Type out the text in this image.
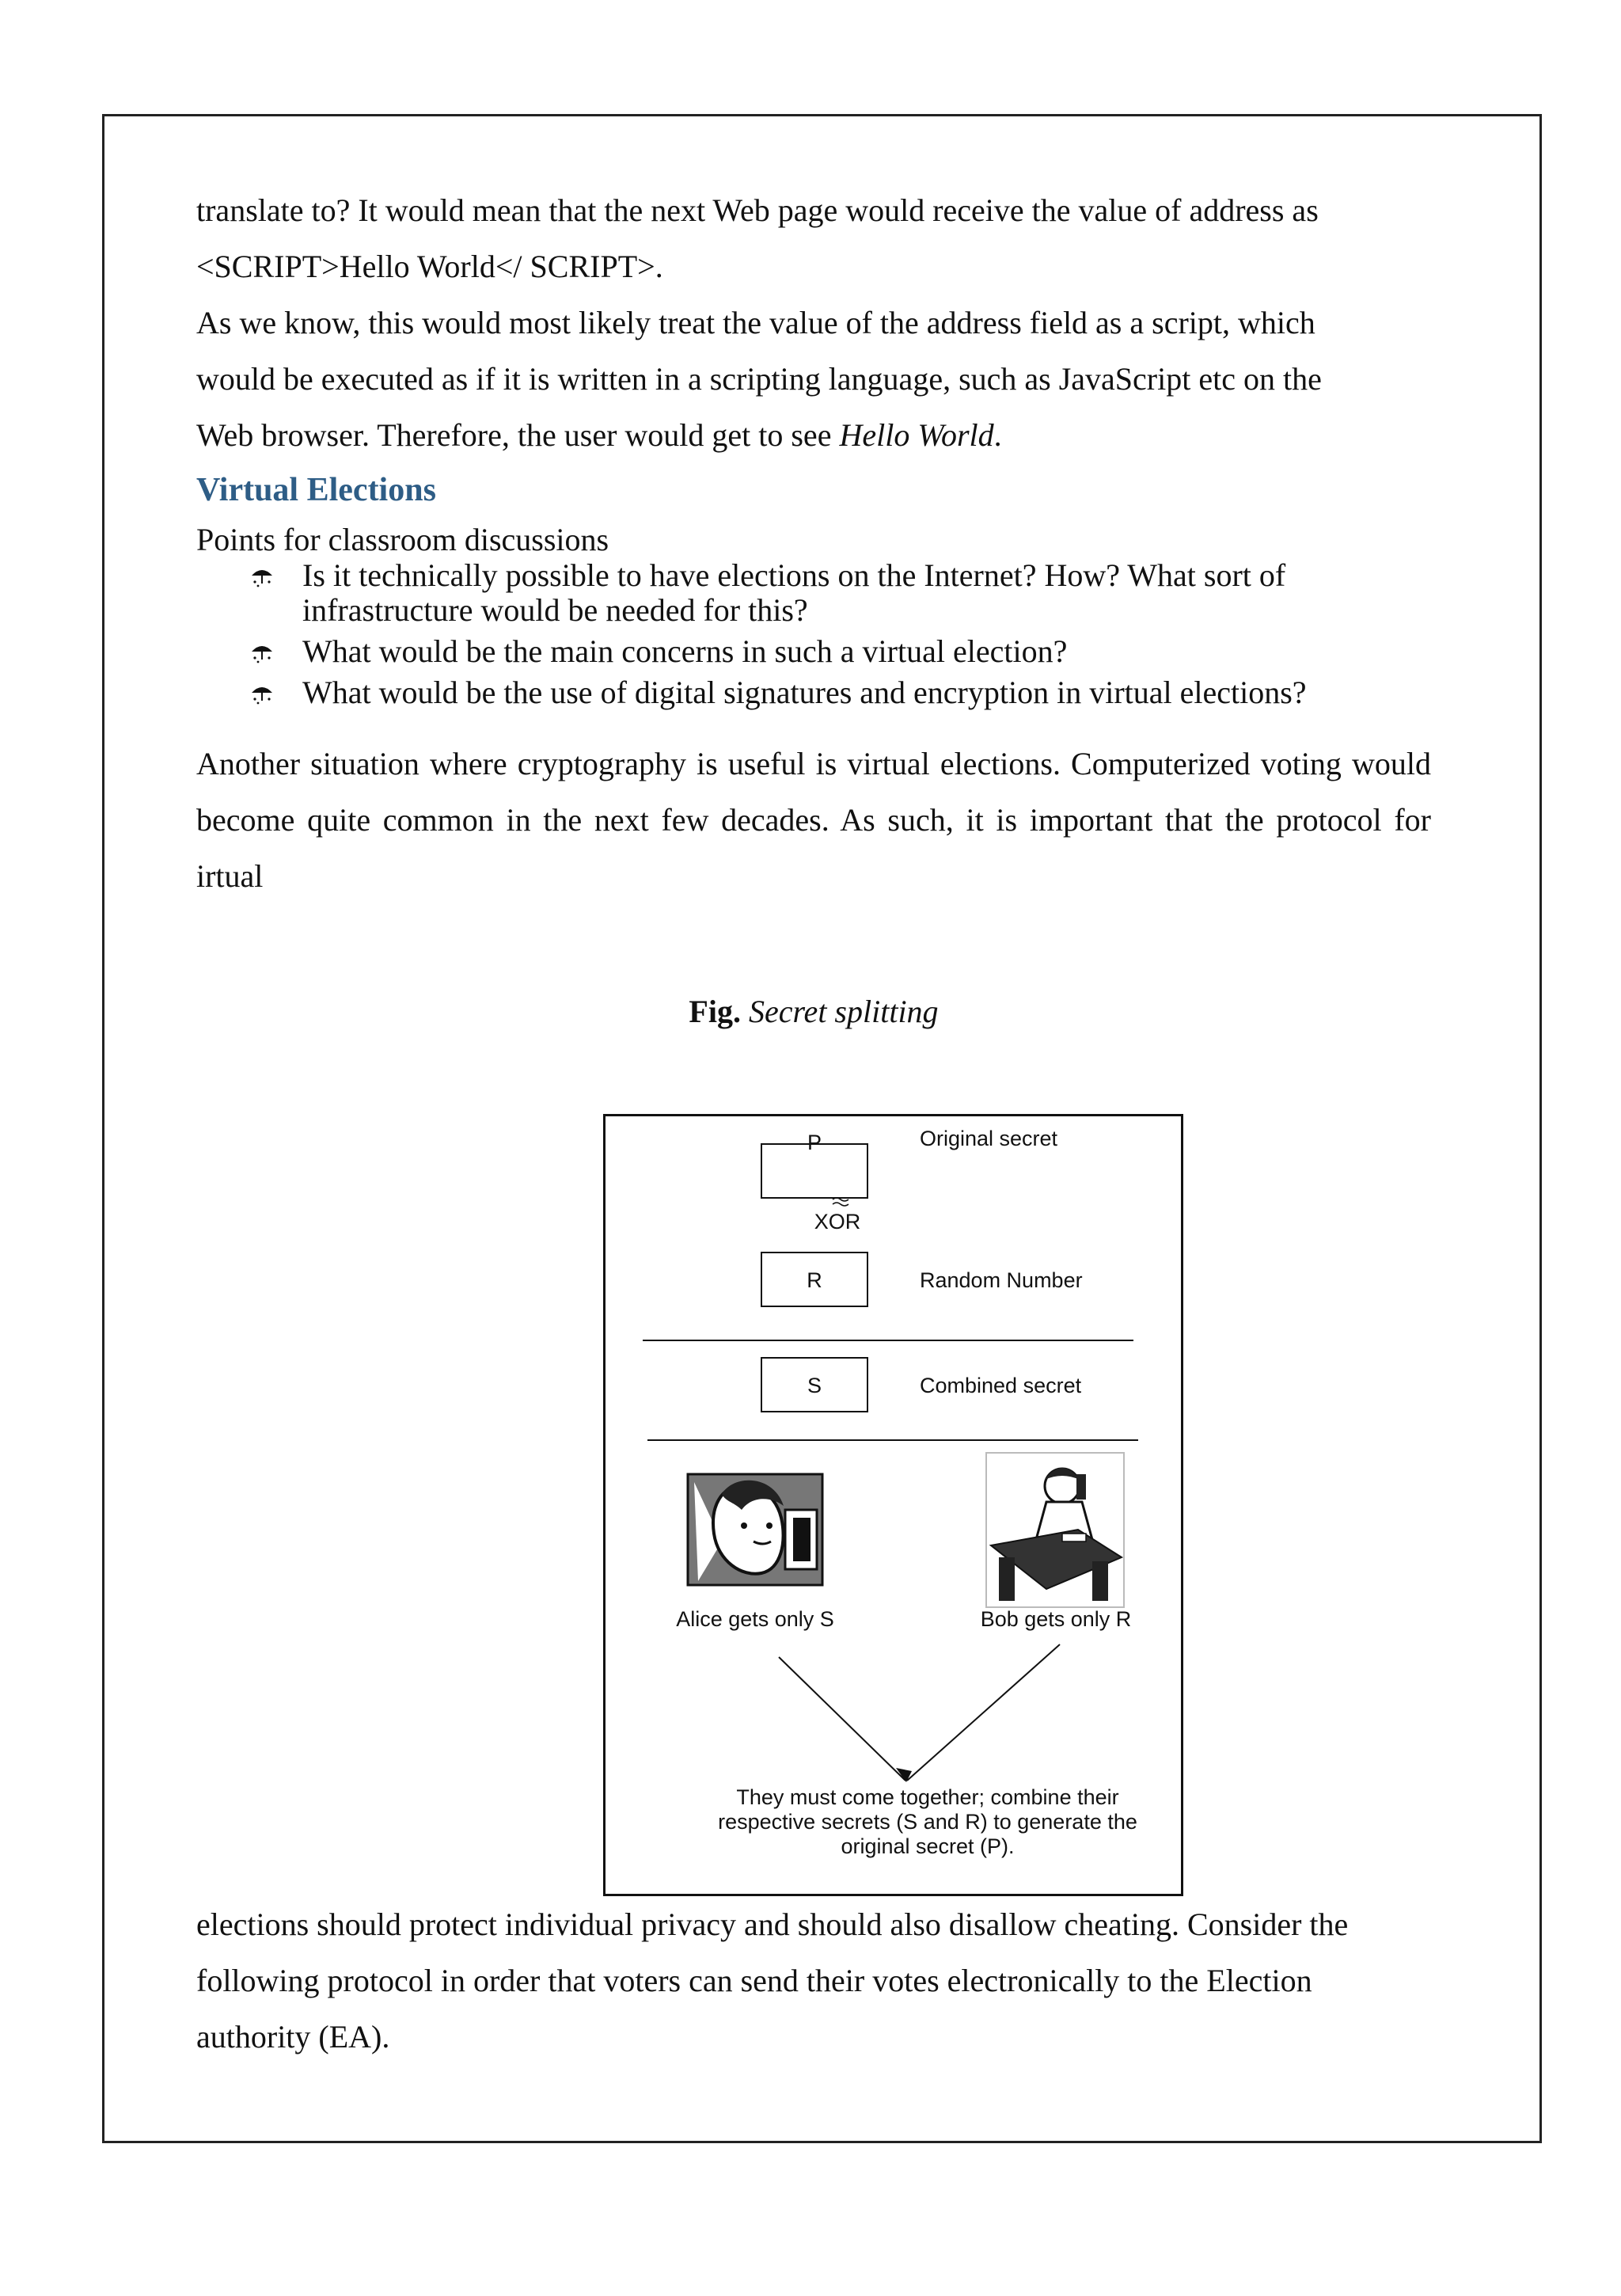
translate to? It would mean that the next Web page would receive the value of address as

<SCRIPT>Hello World</ SCRIPT>.

As we know, this would most likely treat the value of the address field as a script, which

would be executed as if it is written in a scripting language, such as JavaScript etc on the

Web browser. Therefore, the user would get to see Hello World.

Virtual Elections

Points for classroom discussions

Is it technically possible to have elections on the Internet? How? What sort of infrastructure would be needed for this?
What would be the main concerns in such a virtual election?
What would be the use of digital signatures and encryption in virtual elections?

Another situation where cryptography is useful is virtual elections. Computerized voting would become quite common in the next few decades. As such, it is important that the protocol for irtual

Fig. Secret splitting

P	Original secret
XOR
R	Random Number
S	Combined secret
Alice gets only S	Bob gets only R
They must come together; combine their
respective secrets (S and R) to generate the
original secret (P).

elections should protect individual privacy and should also disallow cheating. Consider the

following protocol in order that voters can send their votes electronically to the Election

authority (EA).
